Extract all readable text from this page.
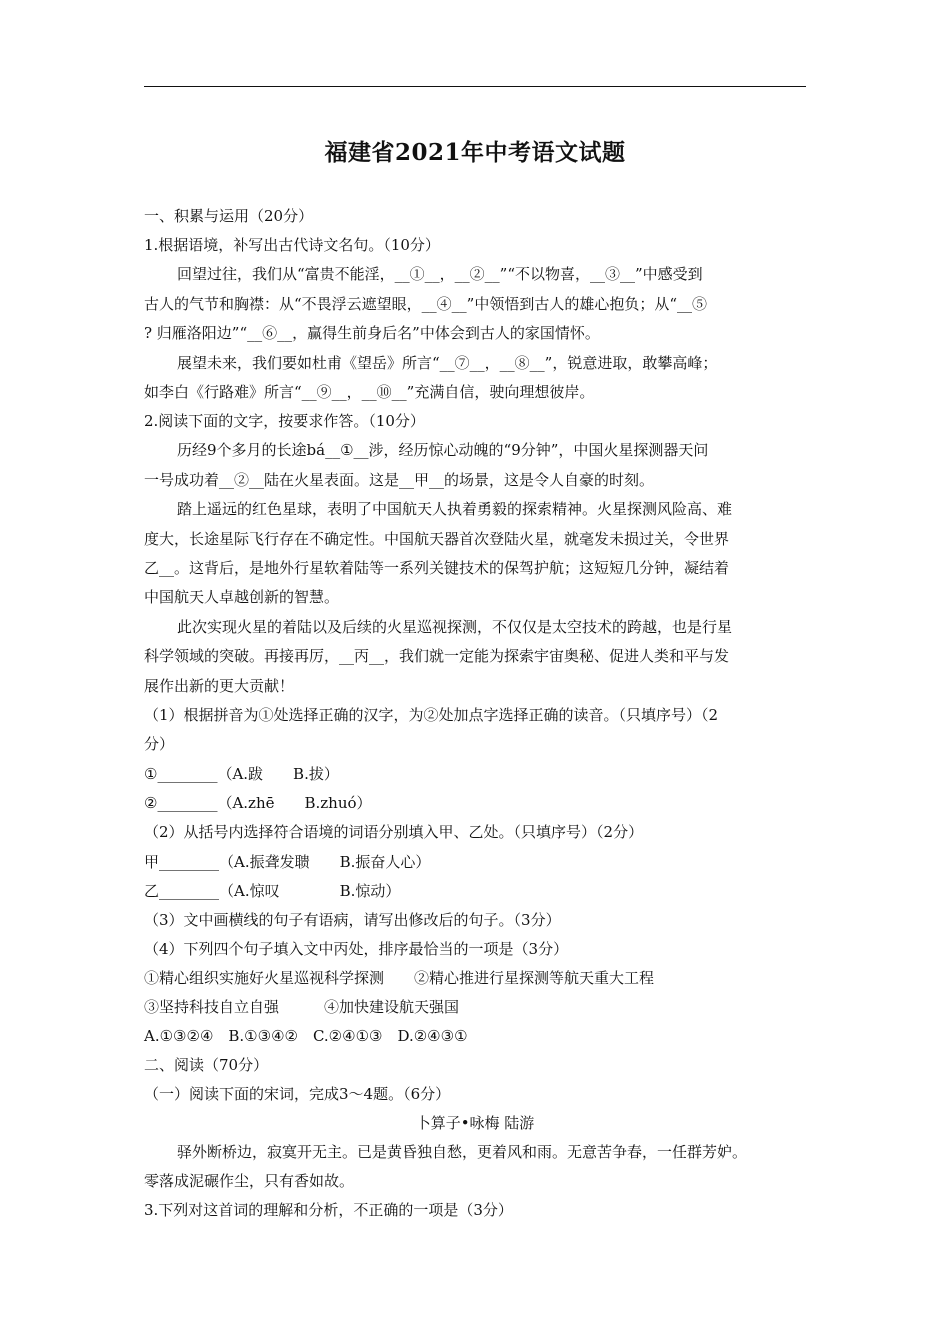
福建省2021年中考语文试题
一、积累与运用（20分）
1.根据语境，补写出古代诗文名句。（10分）
回望过往，我们从“富贵不能淫，__①__，__②__”“不以物喜，__③__”中感受到
古人的气节和胸襟：从“不畏浮云遮望眼，__④__”中领悟到古人的雄心抱负；从“__⑤
? 归雁洛阳边”“__⑥__，赢得生前身后名”中体会到古人的家国情怀。
展望未来，我们要如杜甫《望岳》所言“__⑦__，__⑧__”，锐意进取，敢攀高峰；
如李白《行路难》所言“__⑨__，__⑩__”充满自信，驶向理想彼岸。
2.阅读下面的文字，按要求作答。（10分）
历经9个多月的长途bá__①__涉，经历惊心动魄的“9分钟”，中国火星探测器天问
一号成功着__②__陆在火星表面。这是__甲__的场景，这是令人自豪的时刻。
踏上遥远的红色星球，表明了中国航天人执着勇毅的探索精神。火星探测风险高、难
度大，长途星际飞行存在不确定性。中国航天器首次登陆火星，就毫发未损过关，令世界
乙__。这背后，是地外行星软着陆等一系列关键技术的保驾护航；这短短几分钟，凝结着
中国航天人卓越创新的智慧。
此次实现火星的着陆以及后续的火星巡视探测，不仅仅是太空技术的跨越，也是行星
科学领域的突破。再接再厉，__丙__，我们就一定能为探索宇宙奥秘、促进人类和平与发
展作出新的更大贡献！
（1）根据拼音为①处选择正确的汉字，为②处加点字选择正确的读音。（只填序号）（2
分）
①________（A.跋　　B.拔）
②________（A.zhē　　B.zhuó）
（2）从括号内选择符合语境的词语分别填入甲、乙处。（只填序号）（2分）
甲________（A.振聋发聩　　B.振奋人心）
乙________（A.惊叹　　　　B.惊动）
（3）文中画横线的句子有语病，请写出修改后的句子。（3分）
（4）下列四个句子填入文中丙处，排序最恰当的一项是（3分）
①精心组织实施好火星巡视科学探测　　②精心推进行星探测等航天重大工程
③坚持科技自立自强　　　④加快建设航天强国
A.①③②④　B.①③④②　C.②④①③　D.②④③①
二、阅读（70分）
（一）阅读下面的宋词，完成3～4题。（6分）
卜算子•咏梅 陆游
驿外断桥边，寂寞开无主。已是黄昏独自愁，更着风和雨。无意苦争春，一任群芳妒。
零落成泥碾作尘，只有香如故。
3.下列对这首词的理解和分析，不正确的一项是（3分）
